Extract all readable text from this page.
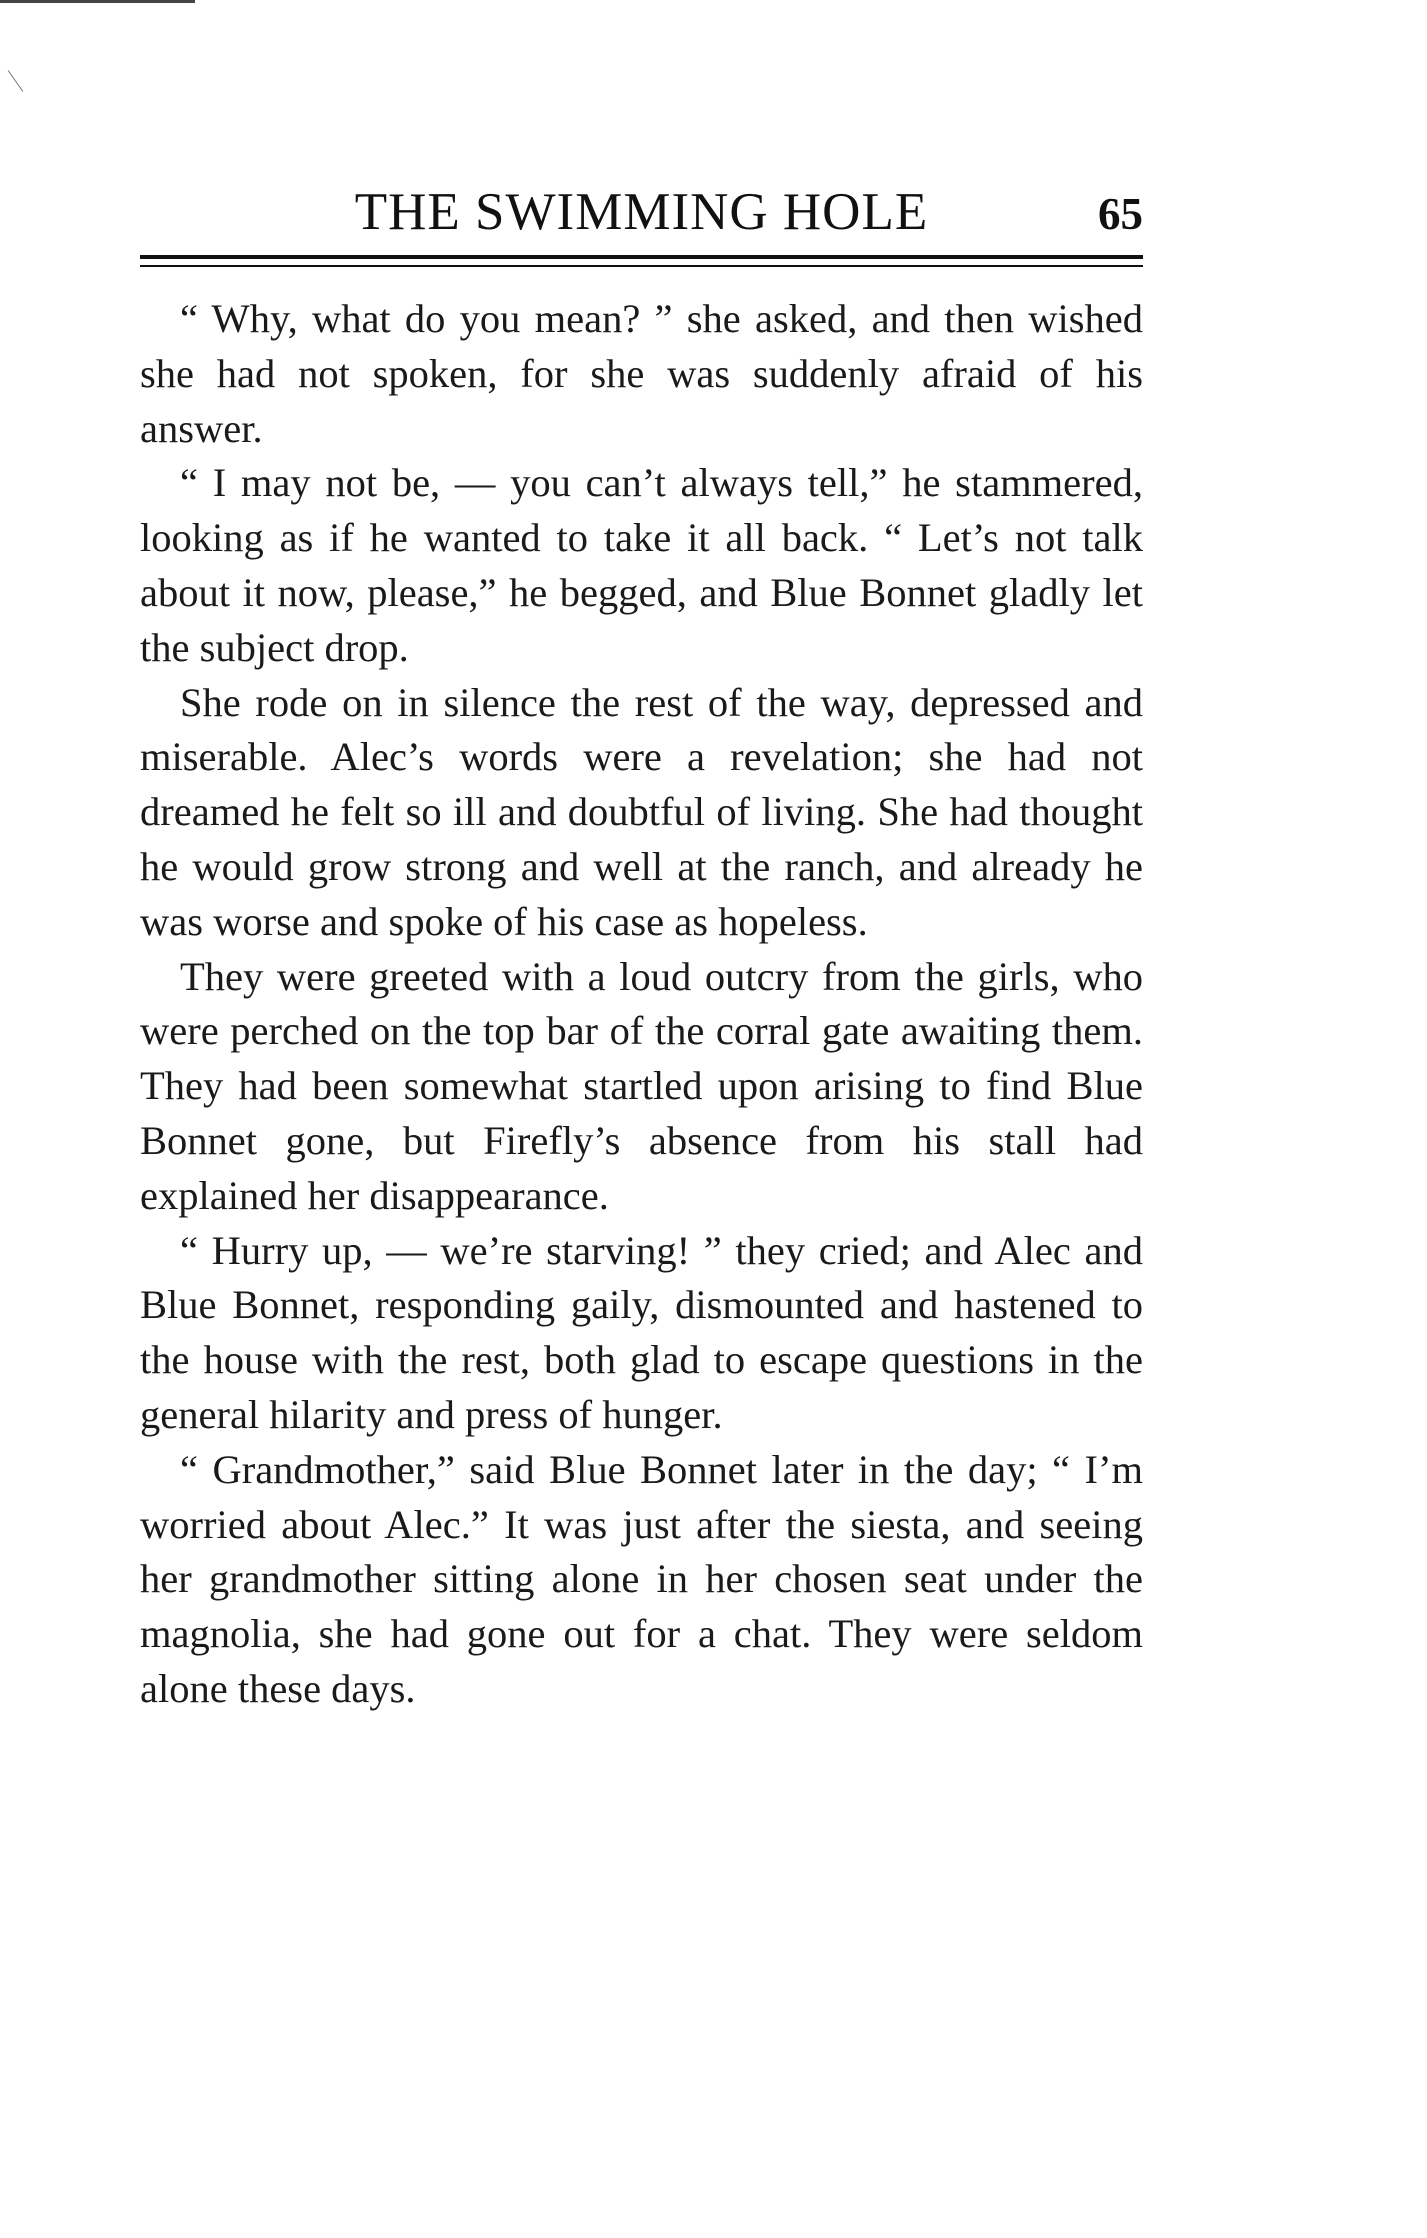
THE SWIMMING HOLE	65

“ Why, what do you mean? ” she asked, and then wished she had not spoken, for she was suddenly afraid of his answer.

“ I may not be, — you can’t always tell,” he stammered, looking as if he wanted to take it all back. “ Let’s not talk about it now, please,” he begged, and Blue Bonnet gladly let the subject drop.

She rode on in silence the rest of the way, depressed and miserable. Alec’s words were a revelation; she had not dreamed he felt so ill and doubtful of living. She had thought he would grow strong and well at the ranch, and already he was worse and spoke of his case as hopeless.

They were greeted with a loud outcry from the girls, who were perched on the top bar of the corral gate awaiting them. They had been somewhat startled upon arising to find Blue Bonnet gone, but Firefly’s absence from his stall had explained her disappearance.

“ Hurry up, — we’re starving! ” they cried; and Alec and Blue Bonnet, responding gaily, dismounted and hastened to the house with the rest, both glad to escape questions in the general hilarity and press of hunger.

“ Grandmother,” said Blue Bonnet later in the day; “ I’m worried about Alec.” It was just after the siesta, and seeing her grandmother sitting alone in her chosen seat under the magnolia, she had gone out for a chat. They were seldom alone these days.
